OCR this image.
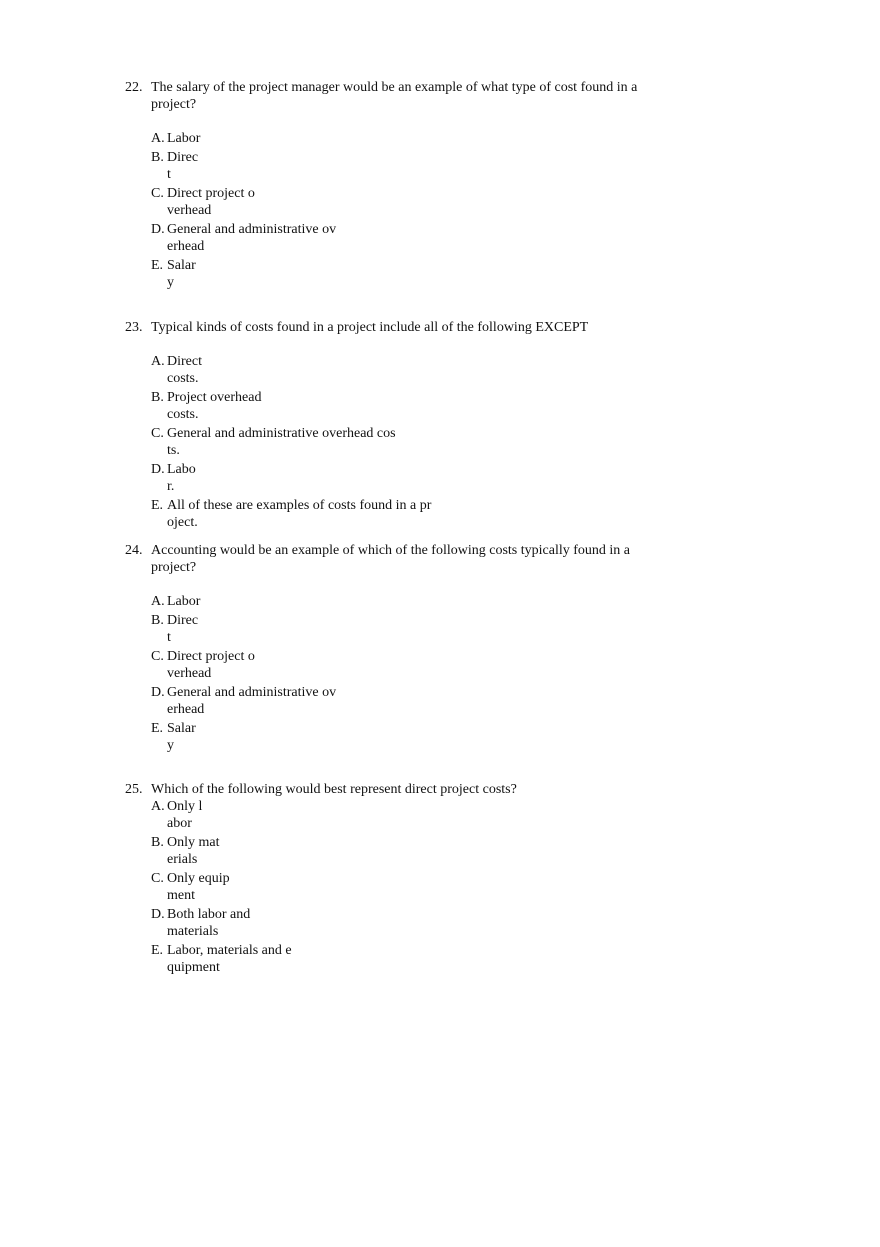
22. The salary of the project manager would be an example of what type of cost found in a project?
A. Labor
B. Direct
C. Direct project overhead
D. General and administrative overhead
E. Salary
23. Typical kinds of costs found in a project include all of the following EXCEPT
A. Direct costs.
B. Project overhead costs.
C. General and administrative overhead costs.
D. Labor.
E. All of these are examples of costs found in a project.
24. Accounting would be an example of which of the following costs typically found in a project?
A. Labor
B. Direct
C. Direct project overhead
D. General and administrative overhead
E. Salary
25. Which of the following would best represent direct project costs?
A. Only labor
B. Only materials
C. Only equipment
D. Both labor and materials
E. Labor, materials and equipment
